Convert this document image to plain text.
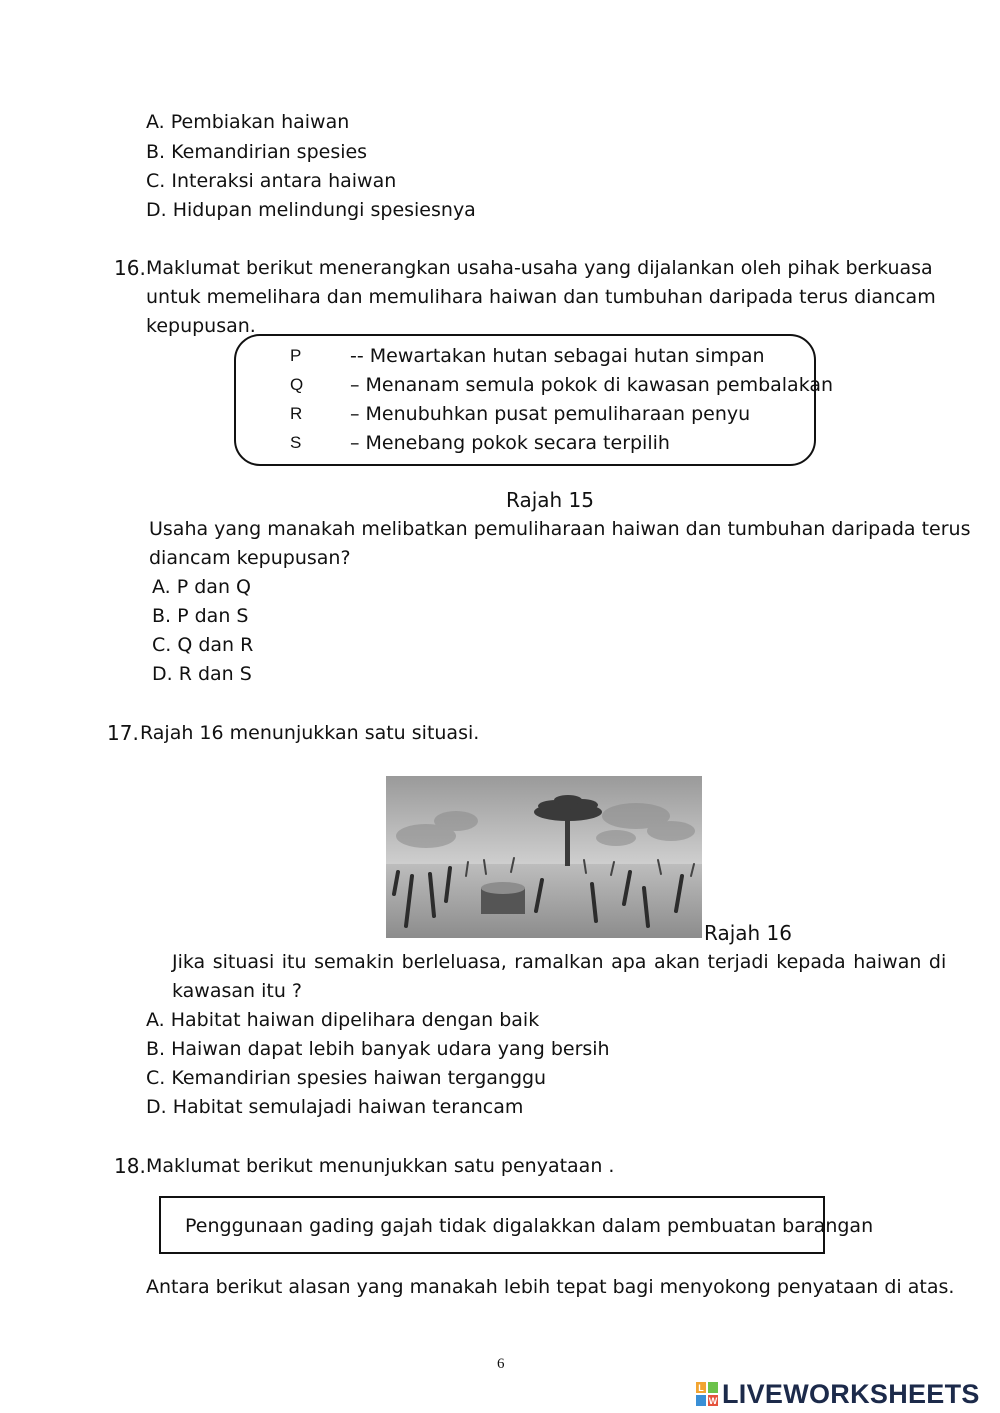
A. Pembiakan haiwan
B. Kemandirian spesies
C. Interaksi antara haiwan
D. Hidupan melindungi spesiesnya
16. Maklumat berikut menerangkan usaha-usaha yang dijalankan oleh pihak berkuasa
untuk memelihara dan memulihara haiwan dan tumbuhan daripada terus diancam
kepupusan.
P	-- Mewartakan hutan sebagai hutan simpan
Q – Menanam semula pokok di kawasan pembalakan
R	– Menubuhkan pusat pemuliharaan penyu
S	– Menebang pokok secara terpilih
Rajah 15
Usaha yang manakah melibatkan pemuliharaan haiwan dan tumbuhan daripada terus
diancam kepupusan?
A. P dan Q
B. P dan S
C. Q dan R
D. R dan S
17. Rajah 16 menunjukkan satu situasi.
Rajah 16
Jika situasi itu semakin berleluasa, ramalkan apa akan terjadi kepada haiwan di
kawasan itu ?
A. Habitat haiwan dipelihara dengan baik
B. Haiwan dapat lebih banyak udara yang bersih
C. Kemandirian spesies haiwan terganggu
D. Habitat semulajadi haiwan terancam
18. Maklumat berikut menunjukkan satu penyataan .
Penggunaan gading gajah tidak digalakkan dalam pembuatan barangan
Antara berikut alasan yang manakah lebih tepat bagi menyokong penyataan di atas.
6
L
W LIVEWORKSHEETS
